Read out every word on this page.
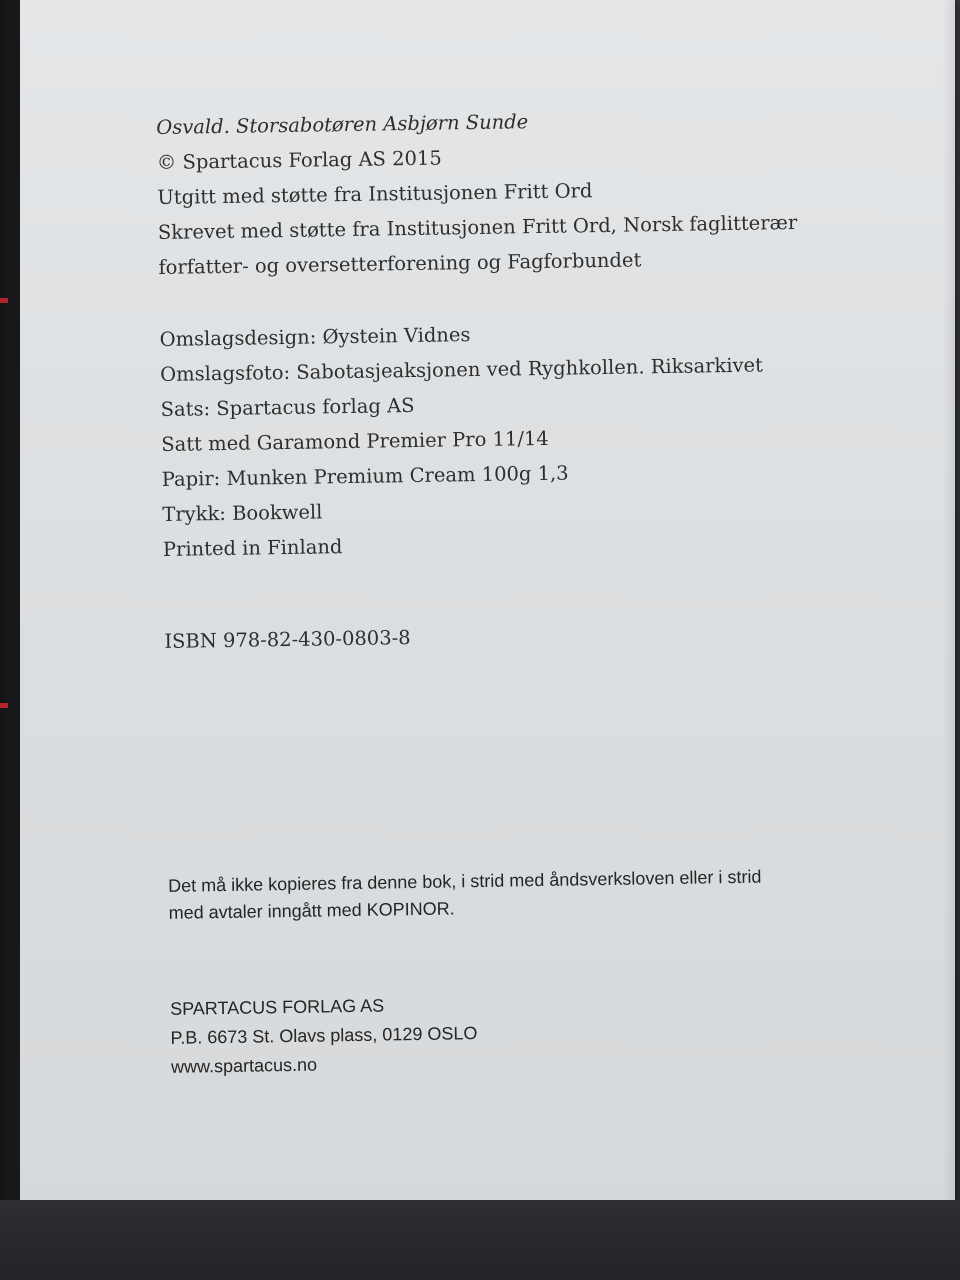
Osvald. Storsabotøren Asbjørn Sunde

© Spartacus Forlag AS 2015

Utgitt med støtte fra Institusjonen Fritt Ord

Skrevet med støtte fra Institusjonen Fritt Ord, Norsk faglitterær

forfatter- og oversetterforening og Fagforbundet

Omslagsdesign: Øystein Vidnes

Omslagsfoto: Sabotasjeaksjonen ved Ryghkollen. Riksarkivet

Sats: Spartacus forlag AS

Satt med Garamond Premier Pro 11/14

Papir: Munken Premium Cream 100g 1,3

Trykk: Bookwell

Printed in Finland

ISBN 978-82-430-0803-8

Det må ikke kopieres fra denne bok, i strid med åndsverksloven eller i strid

med avtaler inngått med KOPINOR.

SPARTACUS FORLAG AS

P.B. 6673 St. Olavs plass, 0129 OSLO

www.spartacus.no
